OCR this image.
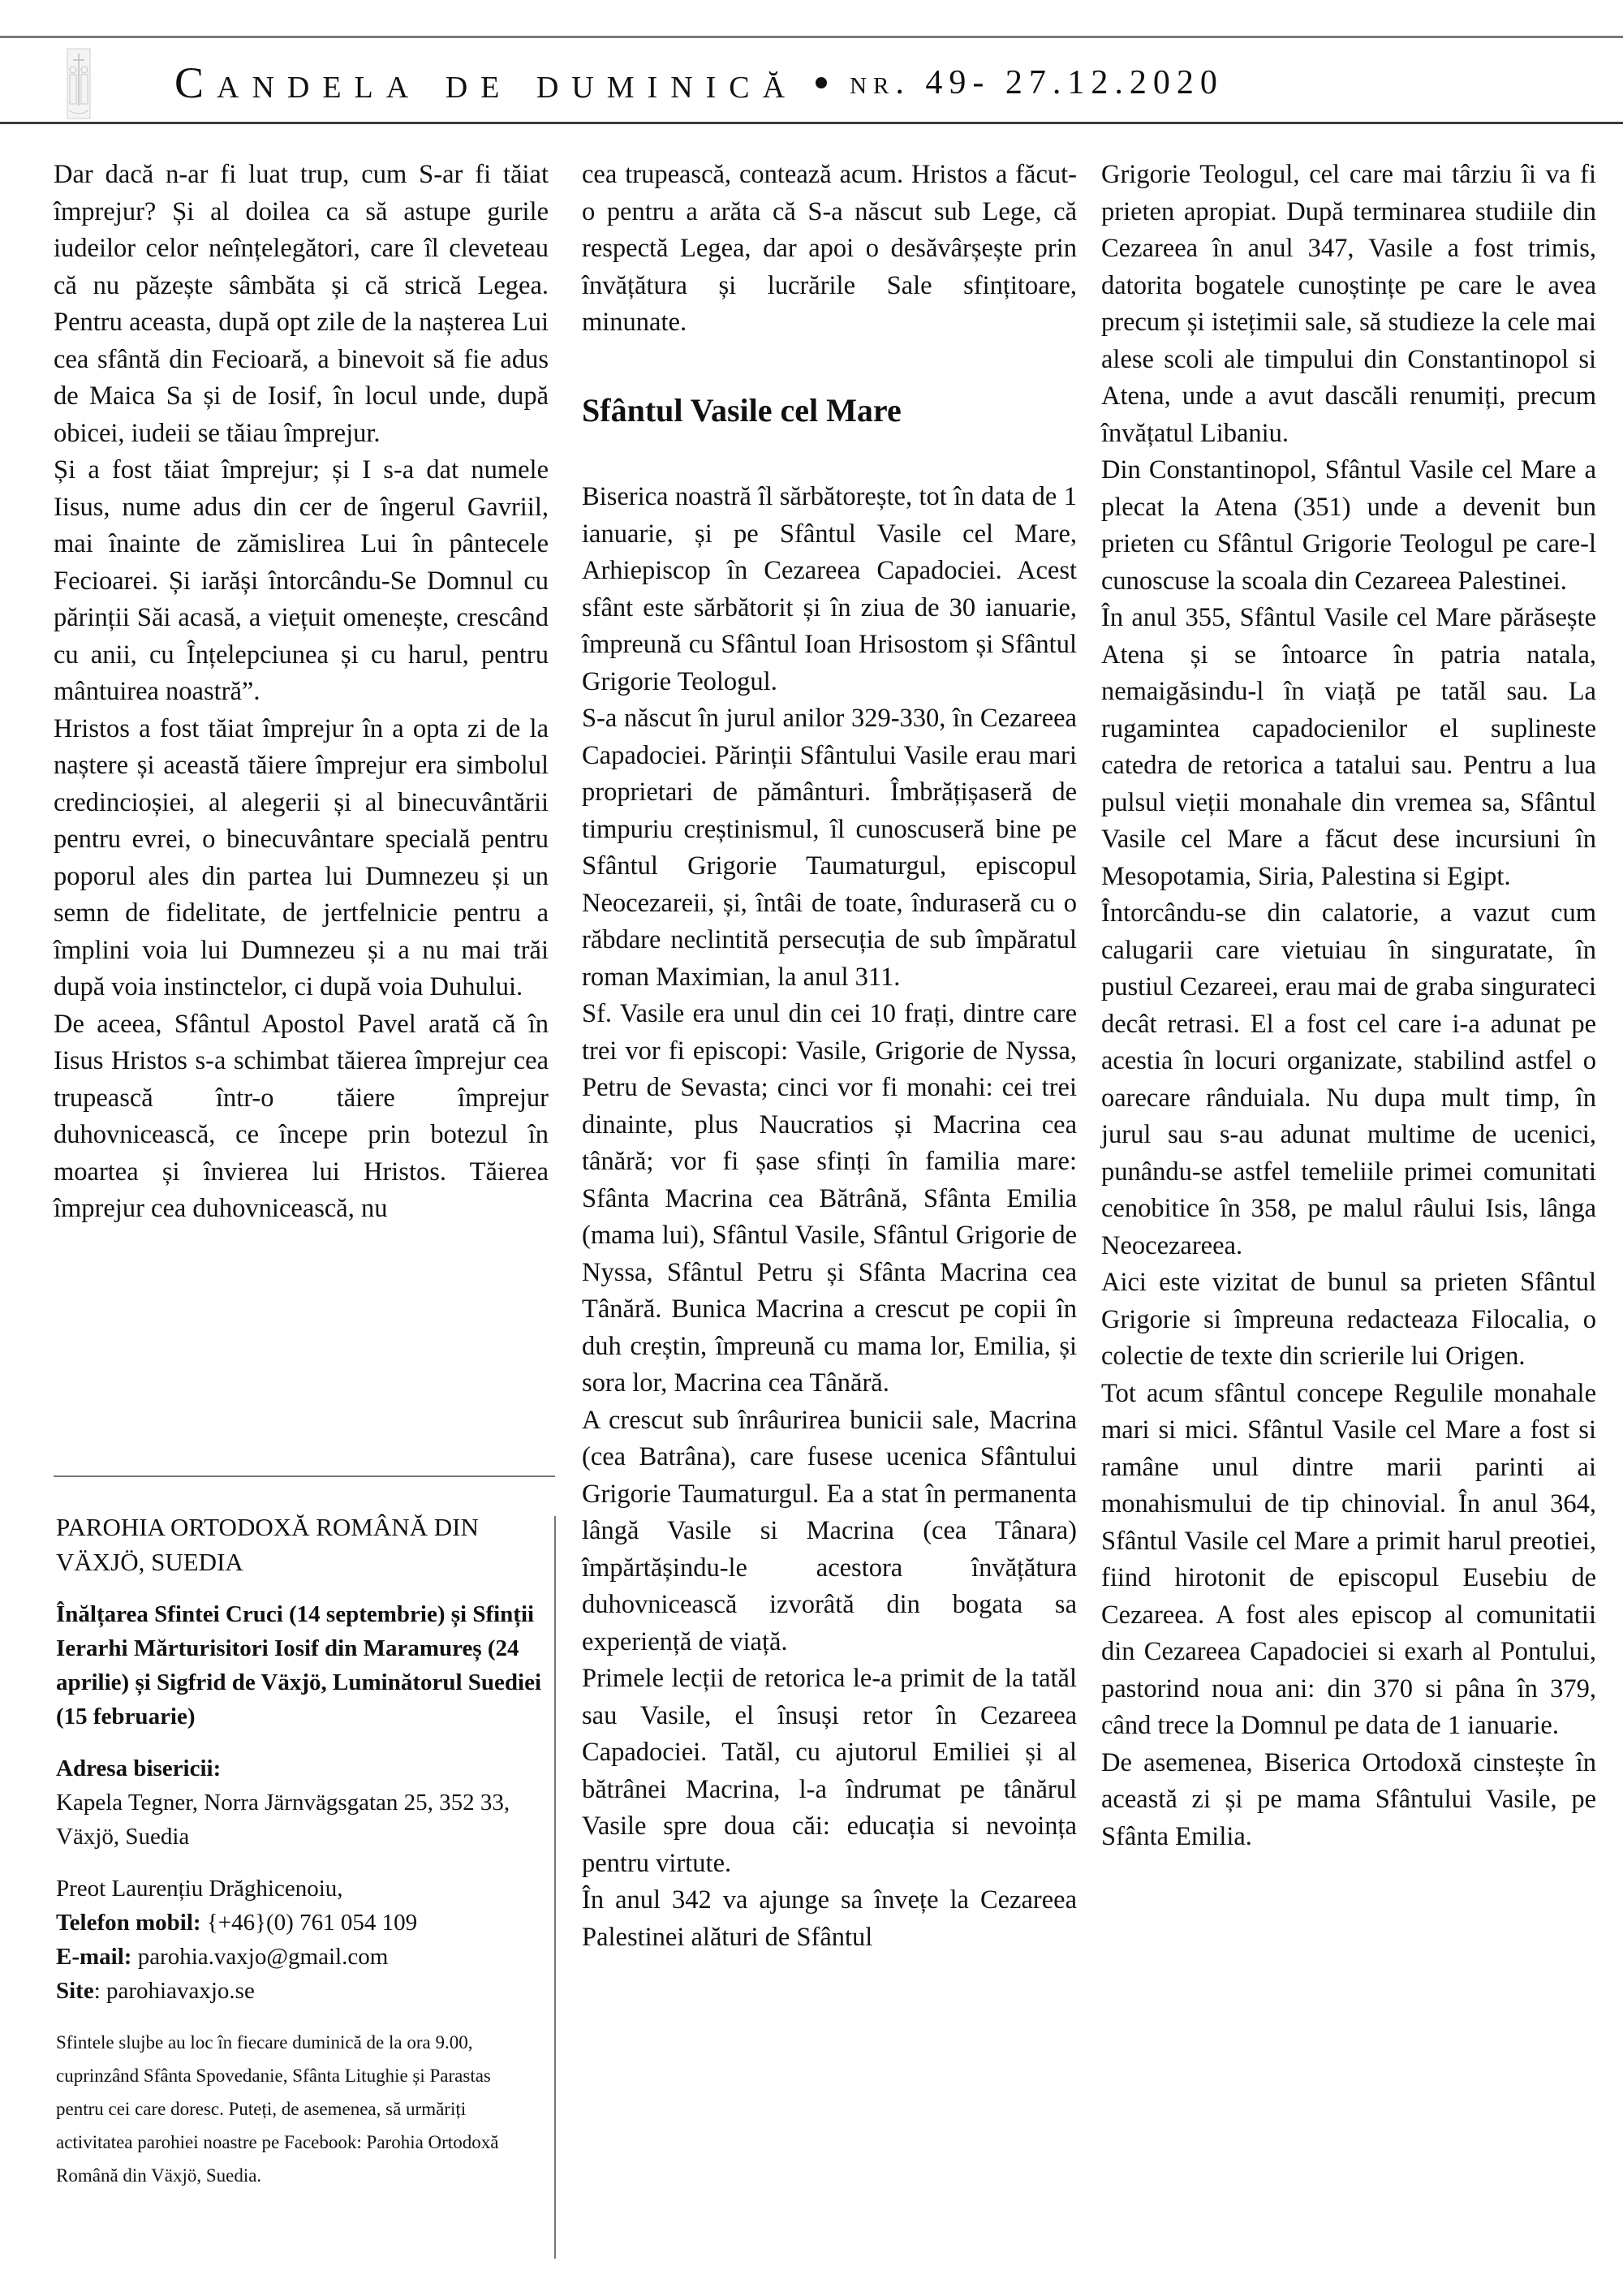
Candela de duminică nr. 49- 27.12.2020

Dar dacă n-ar fi luat trup, cum S-ar fi tăiat împrejur? Și al doilea ca să astupe gurile iudeilor celor neînțelegători, care îl cleveteau că nu păzește sâmbăta și că strică Legea. Pentru aceasta, după opt zile de la nașterea Lui cea sfântă din Fecioară, a binevoit să fie adus de Maica Sa și de Iosif, în locul unde, după obicei, iudeii se tăiau împrejur.

Și a fost tăiat împrejur; și I s-a dat numele Iisus, nume adus din cer de îngerul Gavriil, mai înainte de zămislirea Lui în pântecele Fecioarei. Și iarăși întorcându-Se Domnul cu părinții Săi acasă, a viețuit omenește, crescând cu anii, cu Înțelepciunea și cu harul, pentru mântuirea noastră”.

Hristos a fost tăiat împrejur în a opta zi de la naștere și această tăiere împrejur era simbolul credincioșiei, al alegerii și al binecuvântării pentru evrei, o binecuvântare specială pentru poporul ales din partea lui Dumnezeu și un semn de fidelitate, de jertfelnicie pentru a împlini voia lui Dumnezeu și a nu mai trăi după voia instinctelor, ci după voia Duhului.

De aceea, Sfântul Apostol Pavel arată că în Iisus Hristos s-a schimbat tăierea împrejur cea trupească într-o tăiere împrejur duhovnicească, ce începe prin botezul în moartea și învierea lui Hristos. Tăierea împrejur cea duhovnicească, nu

PAROHIA ORTODOXĂ ROMÂNĂ DIN VÄXJÖ, SUEDIA

Înălțarea Sfintei Cruci (14 septembrie) și Sfinții Ierarhi Mărturisitori Iosif din Maramureș (24 aprilie) și Sigfrid de Växjö, Luminătorul Suediei (15 februarie)

Adresa bisericii:
Kapela Tegner, Norra Järnvägsgatan 25, 352 33, Växjö, Suedia
Preot Laurențiu Drăghicenoiu,
Telefon mobil: {+46}(0) 761 054 109
E-mail: parohia.vaxjo@gmail.com
Site: parohiavaxjo.se

Sfintele slujbe au loc în fiecare duminică de la ora 9.00, cuprinzând Sfânta Spovedanie, Sfânta Litughie și Parastas pentru cei care doresc. Puteți, de asemenea, să urmăriți activitatea parohiei noastre pe Facebook: Parohia Ortodoxă Română din Växjö, Suedia.

cea trupească, contează acum. Hristos a făcut-o pentru a arăta că S-a născut sub Lege, că respectă Legea, dar apoi o desăvârșește prin învățătura și lucrările Sale sfințitoare, minunate.

Sfântul Vasile cel Mare

Biserica noastră îl sărbătorește, tot în data de 1 ianuarie, și pe Sfântul Vasile cel Mare, Arhiepiscop în Cezareea Capadociei. Acest sfânt este sărbătorit și în ziua de 30 ianuarie, împreună cu Sfântul Ioan Hrisostom și Sfântul Grigorie Teologul.

S-a născut în jurul anilor 329-330, în Cezareea Capadociei. Părinții Sfântului Vasile erau mari proprietari de pământuri. Îmbrățișaseră de timpuriu creștinismul, îl cunoscuseră bine pe Sfântul Grigorie Taumaturgul, episcopul Neocezareii, și, întâi de toate, înduraseră cu o răbdare neclintită persecuția de sub împăratul roman Maximian, la anul 311.

Sf. Vasile era unul din cei 10 frați, dintre care trei vor fi episcopi: Vasile, Grigorie de Nyssa, Petru de Sevasta; cinci vor fi monahi: cei trei dinainte, plus Naucratios și Macrina cea tânără; vor fi șase sfinți în familia mare: Sfânta Macrina cea Bătrână, Sfânta Emilia (mama lui), Sfântul Vasile, Sfântul Grigorie de Nyssa, Sfântul Petru și Sfânta Macrina cea Tânără. Bunica Macrina a crescut pe copii în duh creștin, împreună cu mama lor, Emilia, și sora lor, Macrina cea Tânără.

A crescut sub înrâurirea bunicii sale, Macrina (cea Batrâna), care fusese ucenica Sfântului Grigorie Taumaturgul. Ea a stat în permanenta lângă Vasile si Macrina (cea Tânara) împărtășindu-le acestora învățătura duhovnicească izvorâtă din bogata sa experiență de viață.

Primele lecții de retorica le-a primit de la tatăl sau Vasile, el însuși retor în Cezareea Capadociei. Tatăl, cu ajutorul Emiliei și al bătrânei Macrina, l-a îndrumat pe tânărul Vasile spre doua căi: educația si nevoința pentru virtute.

În anul 342 va ajunge sa învețe la Cezareea Palestinei alături de Sfântul

Grigorie Teologul, cel care mai târziu îi va fi prieten apropiat. După terminarea studiile din Cezareea în anul 347, Vasile a fost trimis, datorita bogatele cunoștințe pe care le avea precum și istețimii sale, să studieze la cele mai alese scoli ale timpului din Constantinopol si Atena, unde a avut dascăli renumiți, precum învățatul Libaniu.

Din Constantinopol, Sfântul Vasile cel Mare a plecat la Atena (351) unde a devenit bun prieten cu Sfântul Grigorie Teologul pe care-l cunoscuse la scoala din Cezareea Palestinei.

În anul 355, Sfântul Vasile cel Mare părăsește Atena și se întoarce în patria natala, nemaigăsindu-l în viață pe tatăl sau. La rugamintea capadocienilor el suplineste catedra de retorica a tatalui sau. Pentru a lua pulsul vieții monahale din vremea sa, Sfântul Vasile cel Mare a făcut dese incursiuni în Mesopotamia, Siria, Palestina si Egipt.

Întorcându-se din calatorie, a vazut cum calugarii care vietuiau în singuratate, în pustiul Cezareei, erau mai de graba singurateci decât retrasi. El a fost cel care i-a adunat pe acestia în locuri organizate, stabilind astfel o oarecare rânduiala. Nu dupa mult timp, în jurul sau s-au adunat multime de ucenici, punându-se astfel temeliile primei comunitati cenobitice în 358, pe malul râului Isis, lânga Neocezareea.

Aici este vizitat de bunul sa prieten Sfântul Grigorie si împreuna redacteaza Filocalia, o colectie de texte din scrierile lui Origen.

Tot acum sfântul concepe Regulile monahale mari si mici. Sfântul Vasile cel Mare a fost si ramâne unul dintre marii parinti ai monahismului de tip chinovial. În anul 364, Sfântul Vasile cel Mare a primit harul preotiei, fiind hirotonit de episcopul Eusebiu de Cezareea. A fost ales episcop al comunitatii din Cezareea Capadociei si exarh al Pontului, pastorind noua ani: din 370 si pâna în 379, când trece la Domnul pe data de 1 ianuarie.

De asemenea, Biserica Ortodoxă cinstește în această zi și pe mama Sfântului Vasile, pe Sfânta Emilia.
